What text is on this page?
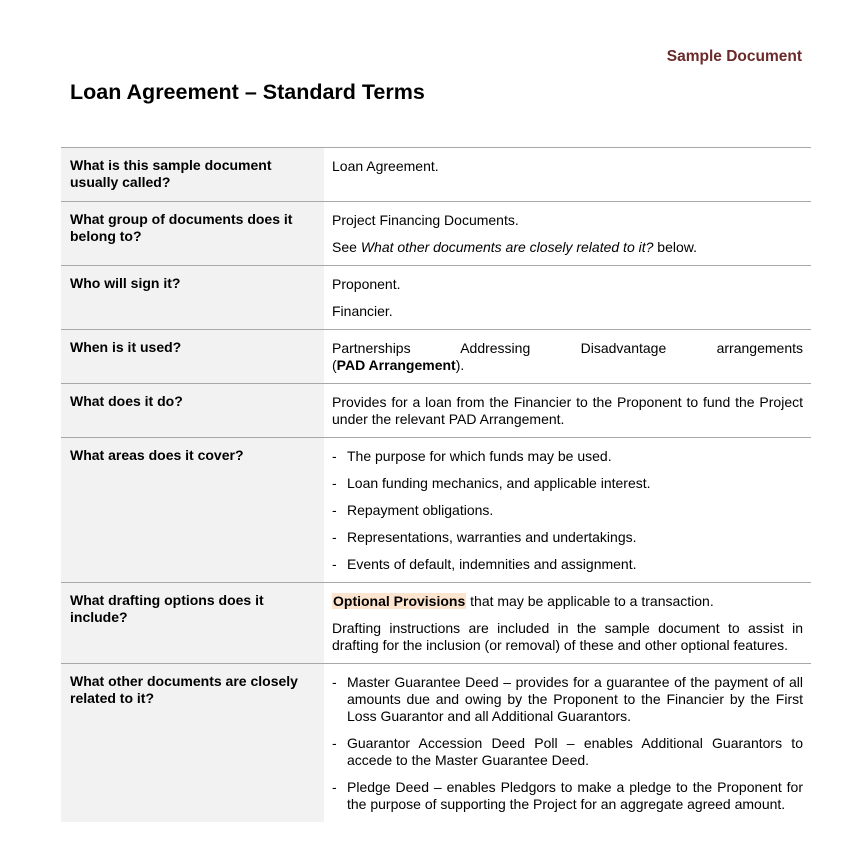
Sample Document
Loan Agreement – Standard Terms
What is this sample document usually called?

Loan Agreement.

What group of documents does it belong to?

Project Financing Documents.

See What other documents are closely related to it? below.

Who will sign it?	Proponent.

Financier.

When is it used?	Partnerships Addressing Disadvantage arrangements (PAD Arrangement).

What does it do?	Provides for a loan from the Financier to the Proponent to fund the Project under the relevant PAD Arrangement.

What areas does it cover?
-	The purpose for which funds may be used.
- Loan funding mechanics, and applicable interest.
- Repayment obligations.
- Representations, warranties and undertakings.
- Events of default, indemnities and assignment.
What drafting options does it include?

Optional Provisions that may be applicable to a transaction.

Drafting instructions are included in the sample document to assist in drafting for the inclusion (or removal) of these and other optional features.

What other documents are closely related to it?
- Master Guarantee Deed – provides for a guarantee of the payment of all amounts due and owing by the Proponent to the Financier by the First Loss Guarantor and all Additional Guarantors.
- Guarantor Accession Deed Poll – enables Additional Guarantors to accede to the Master Guarantee Deed.
- Pledge Deed – enables Pledgors to make a pledge to the Proponent for the purpose of supporting the Project for an aggregate agreed amount.
